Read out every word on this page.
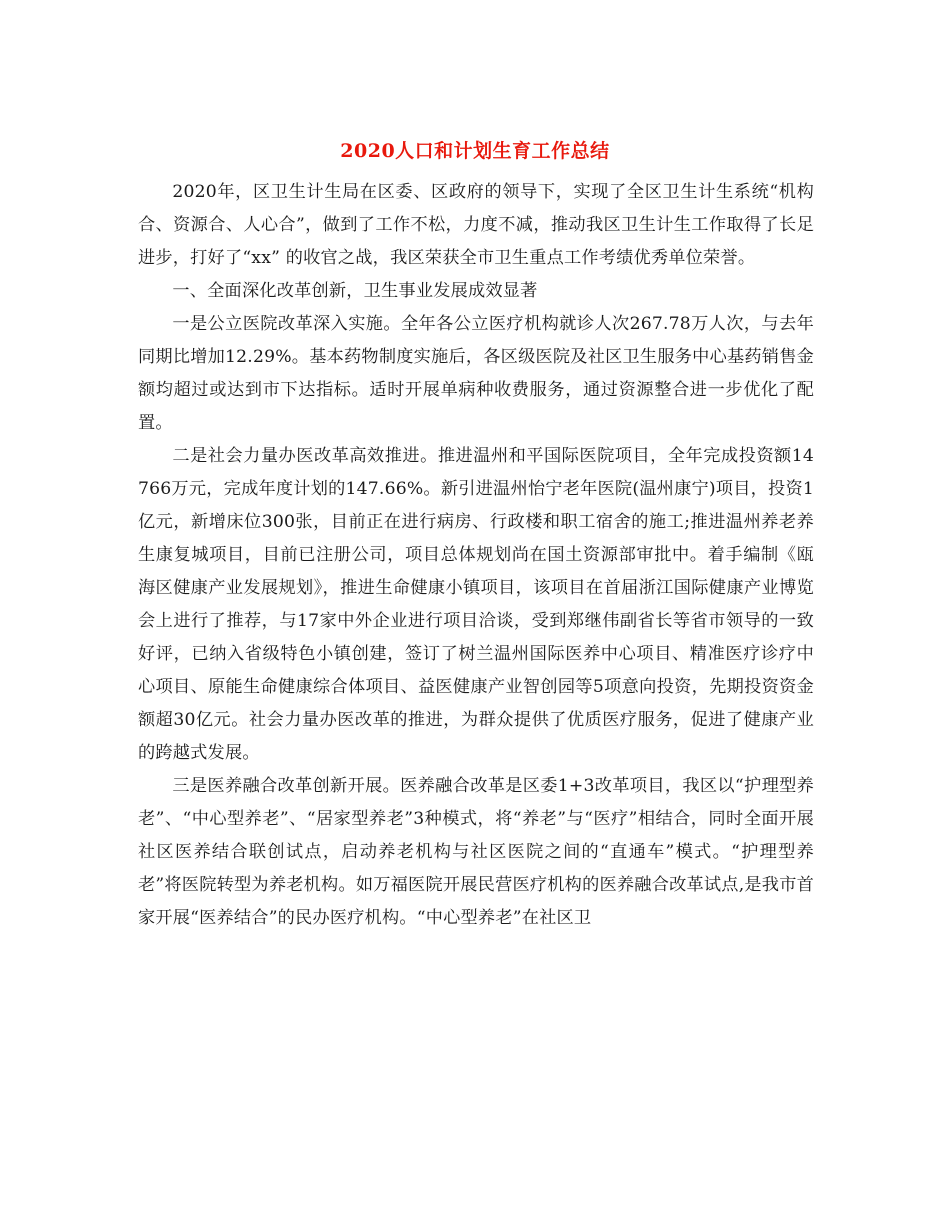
2020人口和计划生育工作总结

2020年，区卫生计生局在区委、区政府的领导下，实现了全区卫生计生系统“机构合、资源合、人心合”，做到了工作不松，力度不减，推动我区卫生计生工作取得了长足进步，打好了“xx” 的收官之战，我区荣获全市卫生重点工作考绩优秀单位荣誉。

一、全面深化改革创新，卫生事业发展成效显著

一是公立医院改革深入实施。全年各公立医疗机构就诊人次267.78万人次，与去年同期比增加12.29%。基本药物制度实施后，各区级医院及社区卫生服务中心基药销售金额均超过或达到市下达指标。适时开展单病种收费服务，通过资源整合进一步优化了配置。

二是社会力量办医改革高效推进。推进温州和平国际医院项目，全年完成投资额14766万元，完成年度计划的147.66%。新引进温州怡宁老年医院(温州康宁)项目，投资1亿元，新增床位300张，目前正在进行病房、行政楼和职工宿舍的施工;推进温州养老养生康复城项目，目前已注册公司，项目总体规划尚在国土资源部审批中。着手编制《瓯海区健康产业发展规划》，推进生命健康小镇项目，该项目在首届浙江国际健康产业博览会上进行了推荐，与17家中外企业进行项目洽谈，受到郑继伟副省长等省市领导的一致好评，已纳入省级特色小镇创建，签订了树兰温州国际医养中心项目、精准医疗诊疗中心项目、原能生命健康综合体项目、益医健康产业智创园等5项意向投资，先期投资资金额超30亿元。社会力量办医改革的推进，为群众提供了优质医疗服务，促进了健康产业的跨越式发展。

三是医养融合改革创新开展。医养融合改革是区委1+3改革项目，我区以“护理型养老”、“中心型养老”、“居家型养老”3种模式，将“养老”与“医疗”相结合，同时全面开展社区医养结合联创试点，启动养老机构与社区医院之间的“直通车”模式。“护理型养老”将医院转型为养老机构。如万福医院开展民营医疗机构的医养融合改革试点,是我市首家开展“医养结合”的民办医疗机构。“中心型养老”在社区卫
